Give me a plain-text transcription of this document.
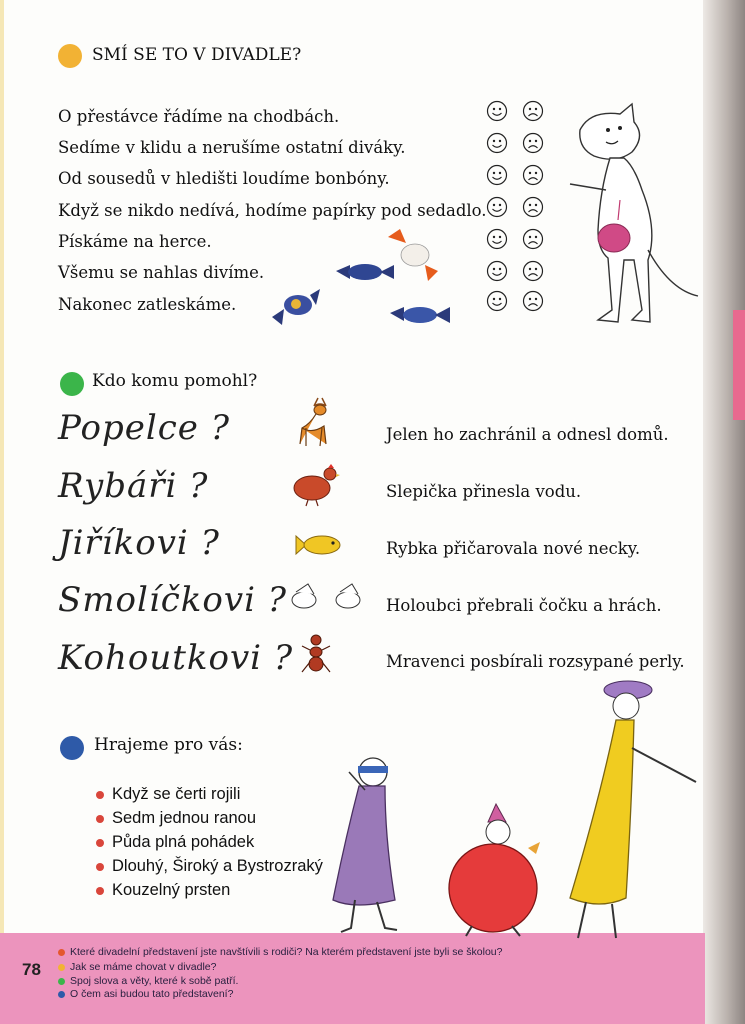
SMÍ SE TO V DIVADLE?
O přestávce řádíme na chodbách.
Sedíme v klidu a nerušíme ostatní diváky.
Od sousedů v hledišti loudíme bonbóny.
Když se nikdo nedívá, hodíme papírky pod sedadlo.
Pískáme na herce.
Všemu se nahlas divíme.
Nakonec zatleskáme.
Kdo komu pomohl?
Popelce ?
Rybáři ?
Jiříkovi ?
Smolíčkovi ?
Kohoutkovi ?
Jelen ho zachránil a odnesl domů.
Slepička přinesla vodu.
Rybka přičarovala nové necky.
Holoubci přebrali čočku a hrách.
Mravenci posbírali rozsypané perly.
Hrajeme pro vás:
Když se čerti rojili
Sedm jednou ranou
Půda plná pohádek
Dlouhý, Široký a Bystrozraký
Kouzelný prsten
78
Které divadelní představení jste navštívili s rodiči? Na kterém představení jste byli se školou?
Jak se máme chovat v divadle?
Spoj slova a věty, které k sobě patří.
O čem asi budou tato představení?
